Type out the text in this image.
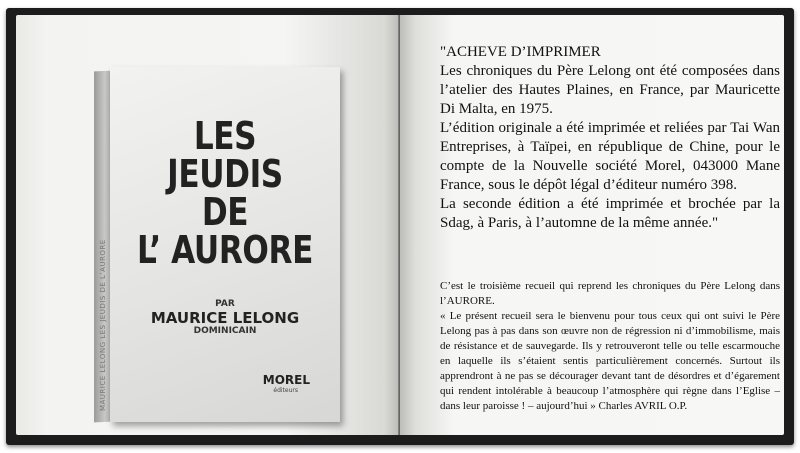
MAURICE LELONG LES JEUDIS DE L’AURORE
LES
JEUDIS
DE
L’ AURORE
PAR
MAURICE LELONG
DOMINICAIN
MOREL
éditeurs

"ACHEVE D’IMPRIMER

Les chroniques du Père Lelong ont été composées dans l’atelier des Hautes Plaines, en France, par Mauricette Di Malta, en 1975.

L’édition originale a été imprimée et reliées par Tai Wan Entreprises, à Taïpei, en république de Chine, pour le compte de la Nouvelle société Morel, 043000 Mane France, sous le dépôt légal d’éditeur numéro 398.

La seconde édition a été imprimée et brochée par la Sdag, à Paris, à l’automne de la même année."

C’est le troisième recueil qui reprend les chroniques du Père Lelong dans l’AURORE.

« Le présent recueil sera le bienvenu pour tous ceux qui ont suivi le Père Lelong pas à pas dans son œuvre non de régression ni d’immobilisme, mais de résistance et de sauvegarde. Ils y retrouveront telle ou telle escarmouche en laquelle ils s’étaient sentis particulièrement concernés. Surtout ils apprendront à ne pas se décourager devant tant de désordres et d’égarement qui rendent intolérable à beaucoup l’atmosphère qui règne dans l’Eglise – dans leur paroisse ! – aujourd’hui » Charles AVRIL O.P.
